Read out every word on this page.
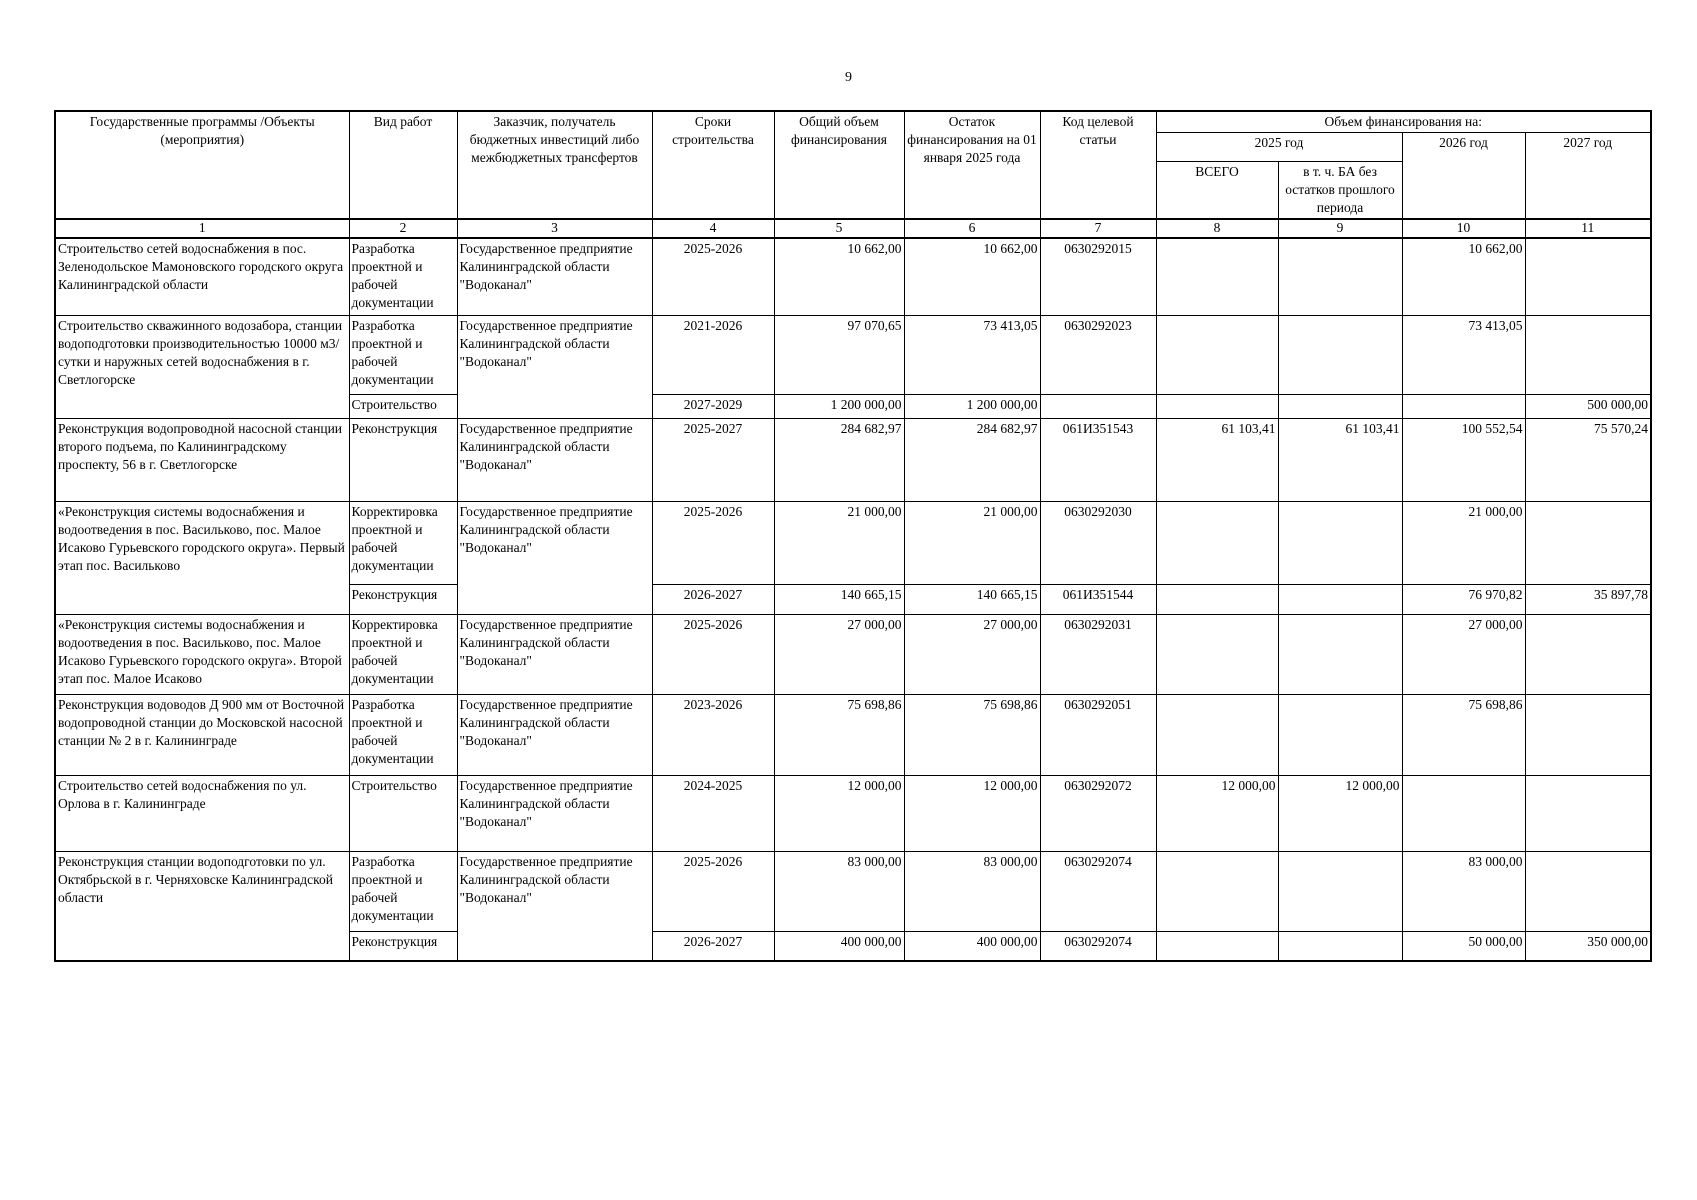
9
Государственные программы /Объекты (мероприятия)	Вид работ	Заказчик, получатель бюджетных инвестиций либо межбюджетных трансфертов	Сроки строительства	Общий объем финансирования	Остаток финансирования на 01 января 2025 года	Код целевой статьи	Объем финансирования на:			
							2025 год		2026 год	2027 год
							ВСЕГО	в т. ч. БА без остатков прошлого периода		
1	2	3	4	5	6	7	8	9	10	11
Строительство сетей водоснабжения в пос. Зеленодольское Мамоновского городского округа Калининградской области	Разработка проектной и рабочей документации	Государственное предприятие Калининградской области "Водоканал"	2025-2026	10 662,00	10 662,00	0630292015			10 662,00	
Строительство скважинного водозабора, станции водоподготовки производительностью 10000 м3/сутки и наружных сетей водоснабжения в г. Светлогорске	Разработка проектной и рабочей документации	Государственное предприятие Калининградской области "Водоканал"	2021-2026	97 070,65	73 413,05	0630292023			73 413,05	
	Строительство		2027-2029	1 200 000,00	1 200 000,00					500 000,00
Реконструкция водопроводной насосной станции второго подъема, по Калининградскому проспекту, 56 в г. Светлогорске	Реконструкция	Государственное предприятие Калининградской области "Водоканал"	2025-2027	284 682,97	284 682,97	061И351543	61 103,41	61 103,41	100 552,54	75 570,24
«Реконструкция системы водоснабжения и водоотведения в пос. Васильково, пос. Малое Исаково Гурьевского городского округа». Первый этап пос. Васильково	Корректировка проектной и рабочей документации	Государственное предприятие Калининградской области "Водоканал"	2025-2026	21 000,00	21 000,00	0630292030			21 000,00	
	Реконструкция		2026-2027	140 665,15	140 665,15	061И351544			76 970,82	35 897,78
«Реконструкция системы водоснабжения и водоотведения в пос. Васильково, пос. Малое Исаково Гурьевского городского округа». Второй этап пос. Малое Исаково	Корректировка проектной и рабочей документации	Государственное предприятие Калининградской области "Водоканал"	2025-2026	27 000,00	27 000,00	0630292031			27 000,00	
Реконструкция водоводов Д 900 мм от Восточной водопроводной станции до Московской насосной станции № 2 в г. Калининграде	Разработка проектной и рабочей документации	Государственное предприятие Калининградской области "Водоканал"	2023-2026	75 698,86	75 698,86	0630292051			75 698,86	
Строительство сетей водоснабжения по ул. Орлова в г. Калининграде	Строительство	Государственное предприятие Калининградской области "Водоканал"	2024-2025	12 000,00	12 000,00	0630292072	12 000,00	12 000,00		
Реконструкция станции водоподготовки по ул. Октябрьской в г. Черняховске Калининградской области	Разработка проектной и рабочей документации	Государственное предприятие Калининградской области "Водоканал"	2025-2026	83 000,00	83 000,00	0630292074			83 000,00	
	Реконструкция		2026-2027	400 000,00	400 000,00	0630292074			50 000,00	350 000,00
